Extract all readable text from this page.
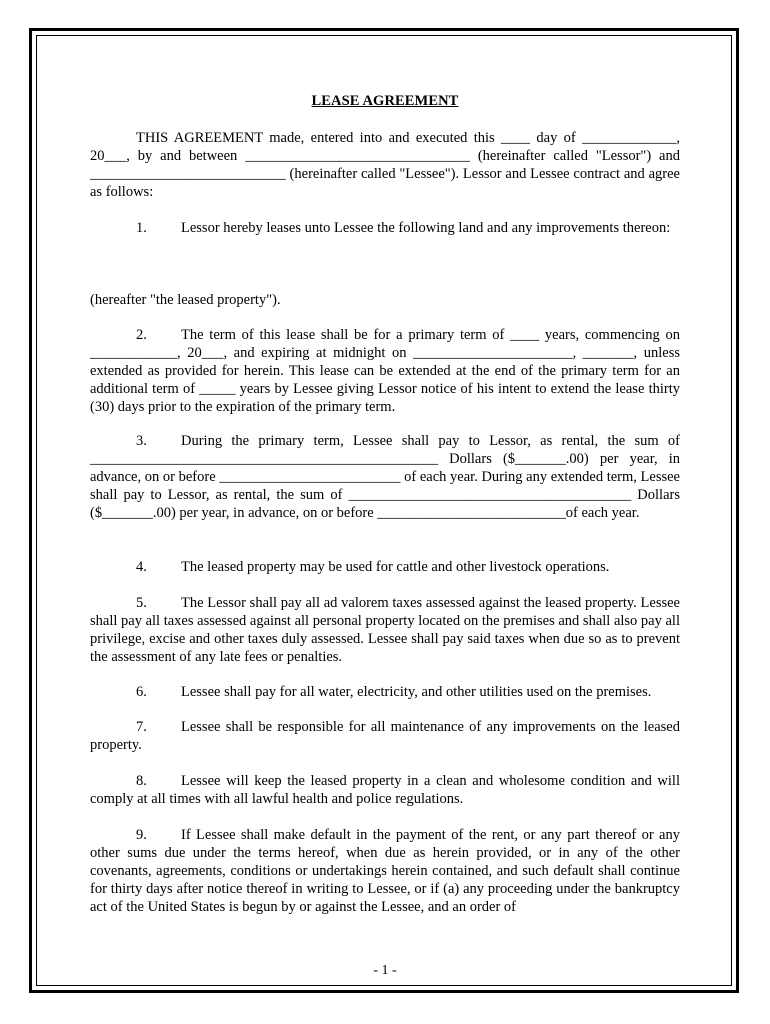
LEASE AGREEMENT

THIS AGREEMENT made, entered into and executed this ____ day of _____________, 20___, by and between _______________________________ (hereinafter called "Lessor") and ___________________________ (hereinafter called "Lessee"). Lessor and Lessee contract and agree as follows:

1. Lessor hereby leases unto Lessee the following land and any improvements thereon:

(hereafter "the leased property").

2. The term of this lease shall be for a primary term of ____ years, commencing on ____________, 20___, and expiring at midnight on ______________________, _______, unless extended as provided for herein. This lease can be extended at the end of the primary term for an additional term of _____ years by Lessee giving Lessor notice of his intent to extend the lease thirty (30) days prior to the expiration of the primary term.

3. During the primary term, Lessee shall pay to Lessor, as rental, the sum of ________________________________________________ Dollars ($_______.00) per year, in advance, on or before _________________________ of each year. During any extended term, Lessee shall pay to Lessor, as rental, the sum of _______________________________________ Dollars ($_______.00) per year, in advance, on or before __________________________of each year.

4. The leased property may be used for cattle and other livestock operations.

5. The Lessor shall pay all ad valorem taxes assessed against the leased property. Lessee shall pay all taxes assessed against all personal property located on the premises and shall also pay all privilege, excise and other taxes duly assessed. Lessee shall pay said taxes when due so as to prevent the assessment of any late fees or penalties.

6. Lessee shall pay for all water, electricity, and other utilities used on the premises.

7. Lessee shall be responsible for all maintenance of any improvements on the leased property.

8. Lessee will keep the leased property in a clean and wholesome condition and will comply at all times with all lawful health and police regulations.

9. If Lessee shall make default in the payment of the rent, or any part thereof or any other sums due under the terms hereof, when due as herein provided, or in any of the other covenants, agreements, conditions or undertakings herein contained, and such default shall continue for thirty days after notice thereof in writing to Lessee, or if (a) any proceeding under the bankruptcy act of the United States is begun by or against the Lessee, and an order of

- 1 -
